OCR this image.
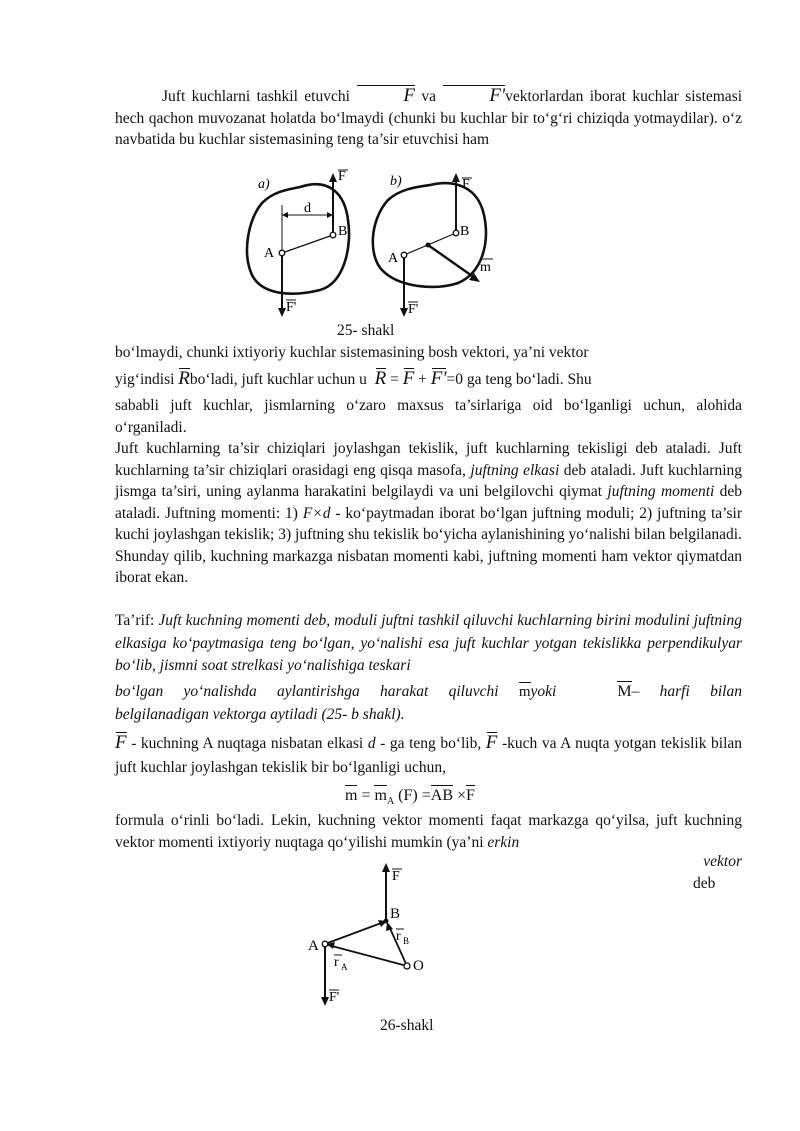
Juft kuchlarni tashkil etuvchi	F va	F'vektorlardan iborat kuchlar sistemasi hech qachon muvozanat holatda bo‘lmaydi (chunki bu kuchlar bir to‘g‘ri chiziqda yotmaydilar). o‘z navbatida bu kuchlar sistemasining teng ta’sir etuvchisi ham

a)
F
d
A
B
F'
b)	F
A
B
m
F'
25- shakl

bo‘lmaydi, chunki ixtiyoriy kuchlar sistemasining bosh vektori, ya’ni vektor

yig‘indisi Rbo‘ladi, juft kuchlar uchun u R = F + F'=0 ga teng bo‘ladi. Shu

sababli juft kuchlar, jismlarning o‘zaro maxsus ta’sirlariga oid bo‘lganligi uchun, alohida o‘rganiladi.

Juft kuchlarning ta’sir chiziqlari joylashgan tekislik, juft kuchlarning tekisligi deb ataladi. Juft kuchlarning ta’sir chiziqlari orasidagi eng qisqa masofa, juftning elkasi deb ataladi. Juft kuchlarning jismga ta’siri, uning aylanma harakatini belgilaydi va uni belgilovchi qiymat juftning momenti deb ataladi. Juftning momenti: 1) F×d - ko‘paytmadan iborat bo‘lgan juftning moduli; 2) juftning ta’sir kuchi joylashgan tekislik; 3) juftning shu tekislik bo‘yicha aylanishining yo‘nalishi bilan belgilanadi. Shunday qilib, kuchning markazga nisbatan momenti kabi, juftning momenti ham vektor qiymatdan iborat ekan.

Ta’rif: Juft kuchning momenti deb, moduli juftni tashkil qiluvchi kuchlarning birini modulini juftning elkasiga ko‘paytmasiga teng bo‘lgan, yo‘nalishi esa juft kuchlar yotgan tekislikka perpendikulyar bo‘lib, jismni soat strelkasi yo‘nalishiga teskari

bo‘lgan yo‘nalishda aylantirishga harakat qiluvchi myoki	M– harfi bilan

belgilanadigan vektorga aytiladi (25- b shakl).

F - kuchning A nuqtaga nisbatan elkasi d - ga teng bo‘lib, F -kuch va A nuqta yotgan tekislik bilan juft kuchlar joylashgan tekislik bir bo‘lganligi uchun,

$m = m_A$ (F) =AB ×F

formula o‘rinli bo‘ladi. Lekin, kuchning vektor momenti faqat markazga qo‘yilsa, juft kuchning vektor momenti ixtiyoriy nuqtaga qo‘yilishi mumkin (ya’ni erkin

vektor
deb
F
A
B
O
r A
r B
F'
26-shakl
